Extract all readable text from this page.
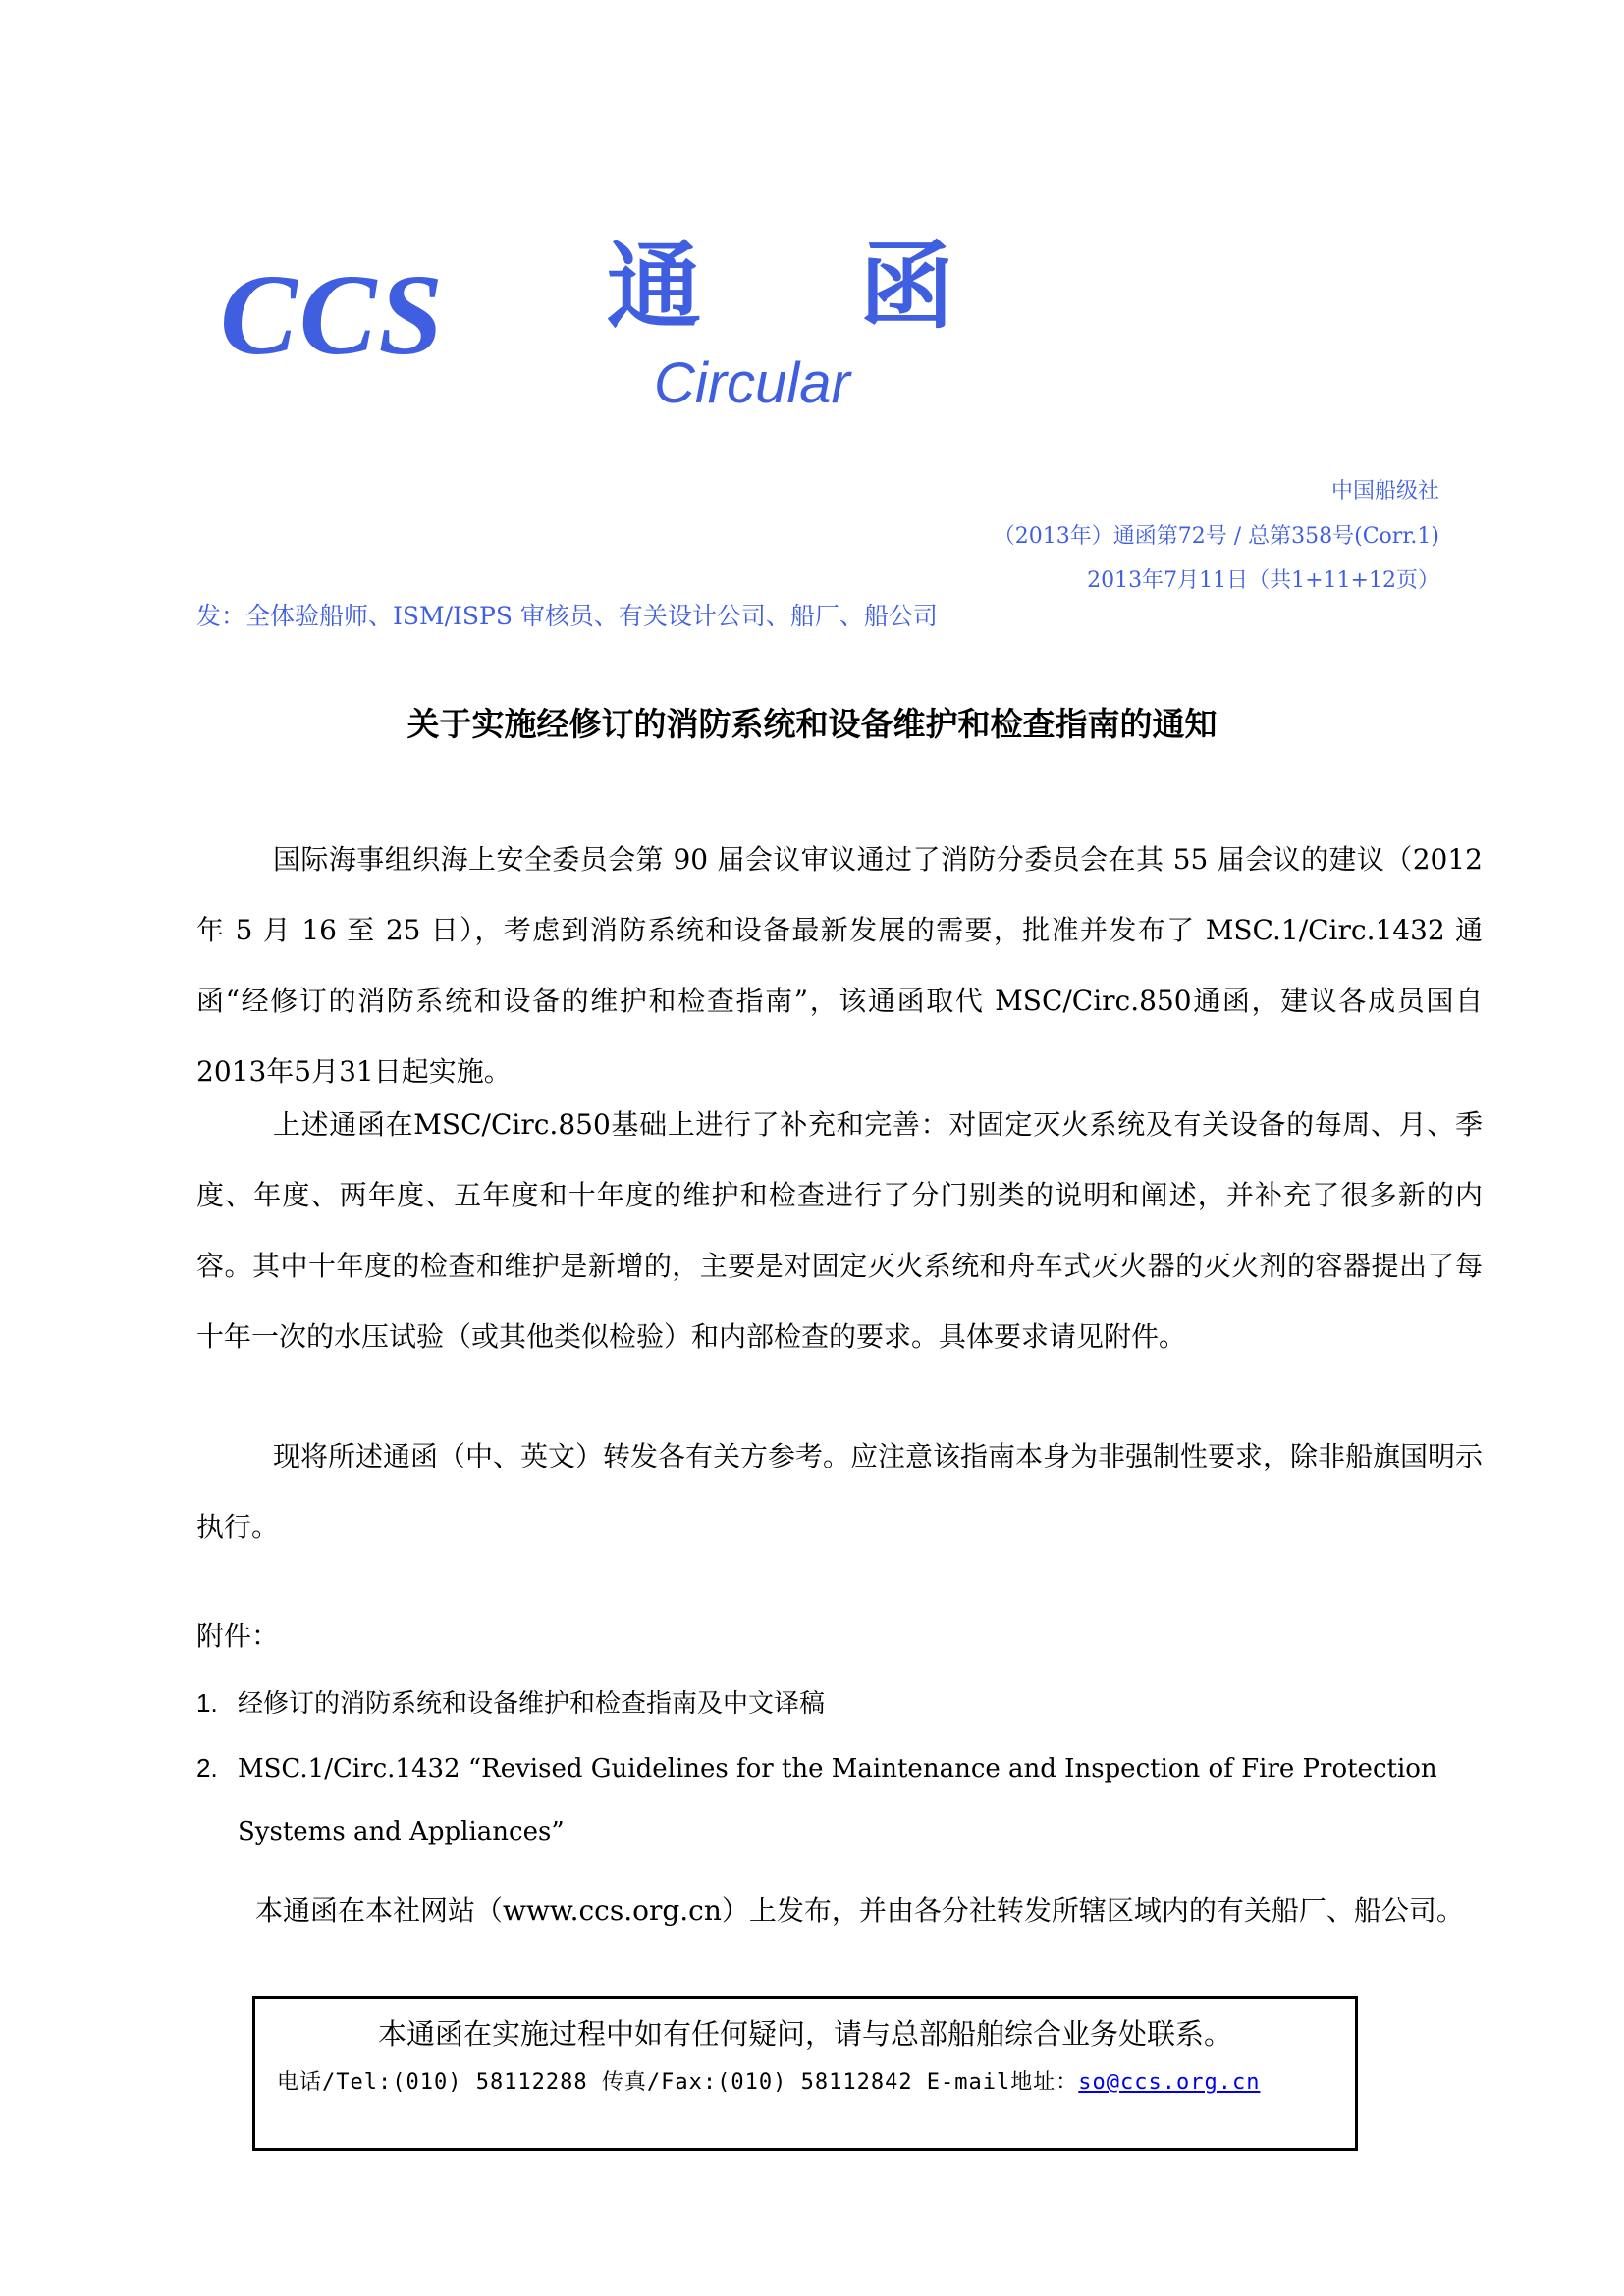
CCS 通 函
Circular
中国船级社
（2013年）通函第72号 / 总第358号(Corr.1)
2013年7月11日（共1+11+12页）
发：全体验船师、ISM/ISPS 审核员、有关设计公司、船厂、船公司
关于实施经修订的消防系统和设备维护和检查指南的通知

国际海事组织海上安全委员会第 90 届会议审议通过了消防分委员会在其 55 届会议的建议（2012 年 5 月 16 至 25 日），考虑到消防系统和设备最新发展的需要，批准并发布了 MSC.1/Circ.1432 通函“经修订的消防系统和设备的维护和检查指南”，该通函取代 MSC/Circ.850通函，建议各成员国自2013年5月31日起实施。

上述通函在MSC/Circ.850基础上进行了补充和完善：对固定灭火系统及有关设备的每周、月、季度、年度、两年度、五年度和十年度的维护和检查进行了分门别类的说明和阐述，并补充了很多新的内容。其中十年度的检查和维护是新增的，主要是对固定灭火系统和舟车式灭火器的灭火剂的容器提出了每十年一次的水压试验（或其他类似检验）和内部检查的要求。具体要求请见附件。

现将所述通函（中、英文）转发各有关方参考。应注意该指南本身为非强制性要求，除非船旗国明示执行。

附件：
1. 经修订的消防系统和设备维护和检查指南及中文译稿
2. MSC.1/Circ.1432 “Revised Guidelines for the Maintenance and Inspection of Fire Protection Systems and Appliances”

本通函在本社网站（www.ccs.org.cn）上发布，并由各分社转发所辖区域内的有关船厂、船公司。

本通函在实施过程中如有任何疑问，请与总部船舶综合业务处联系。
电话/Tel:(010) 58112288 传真/Fax:(010) 58112842 E-mail地址：so@ccs.org.cn
